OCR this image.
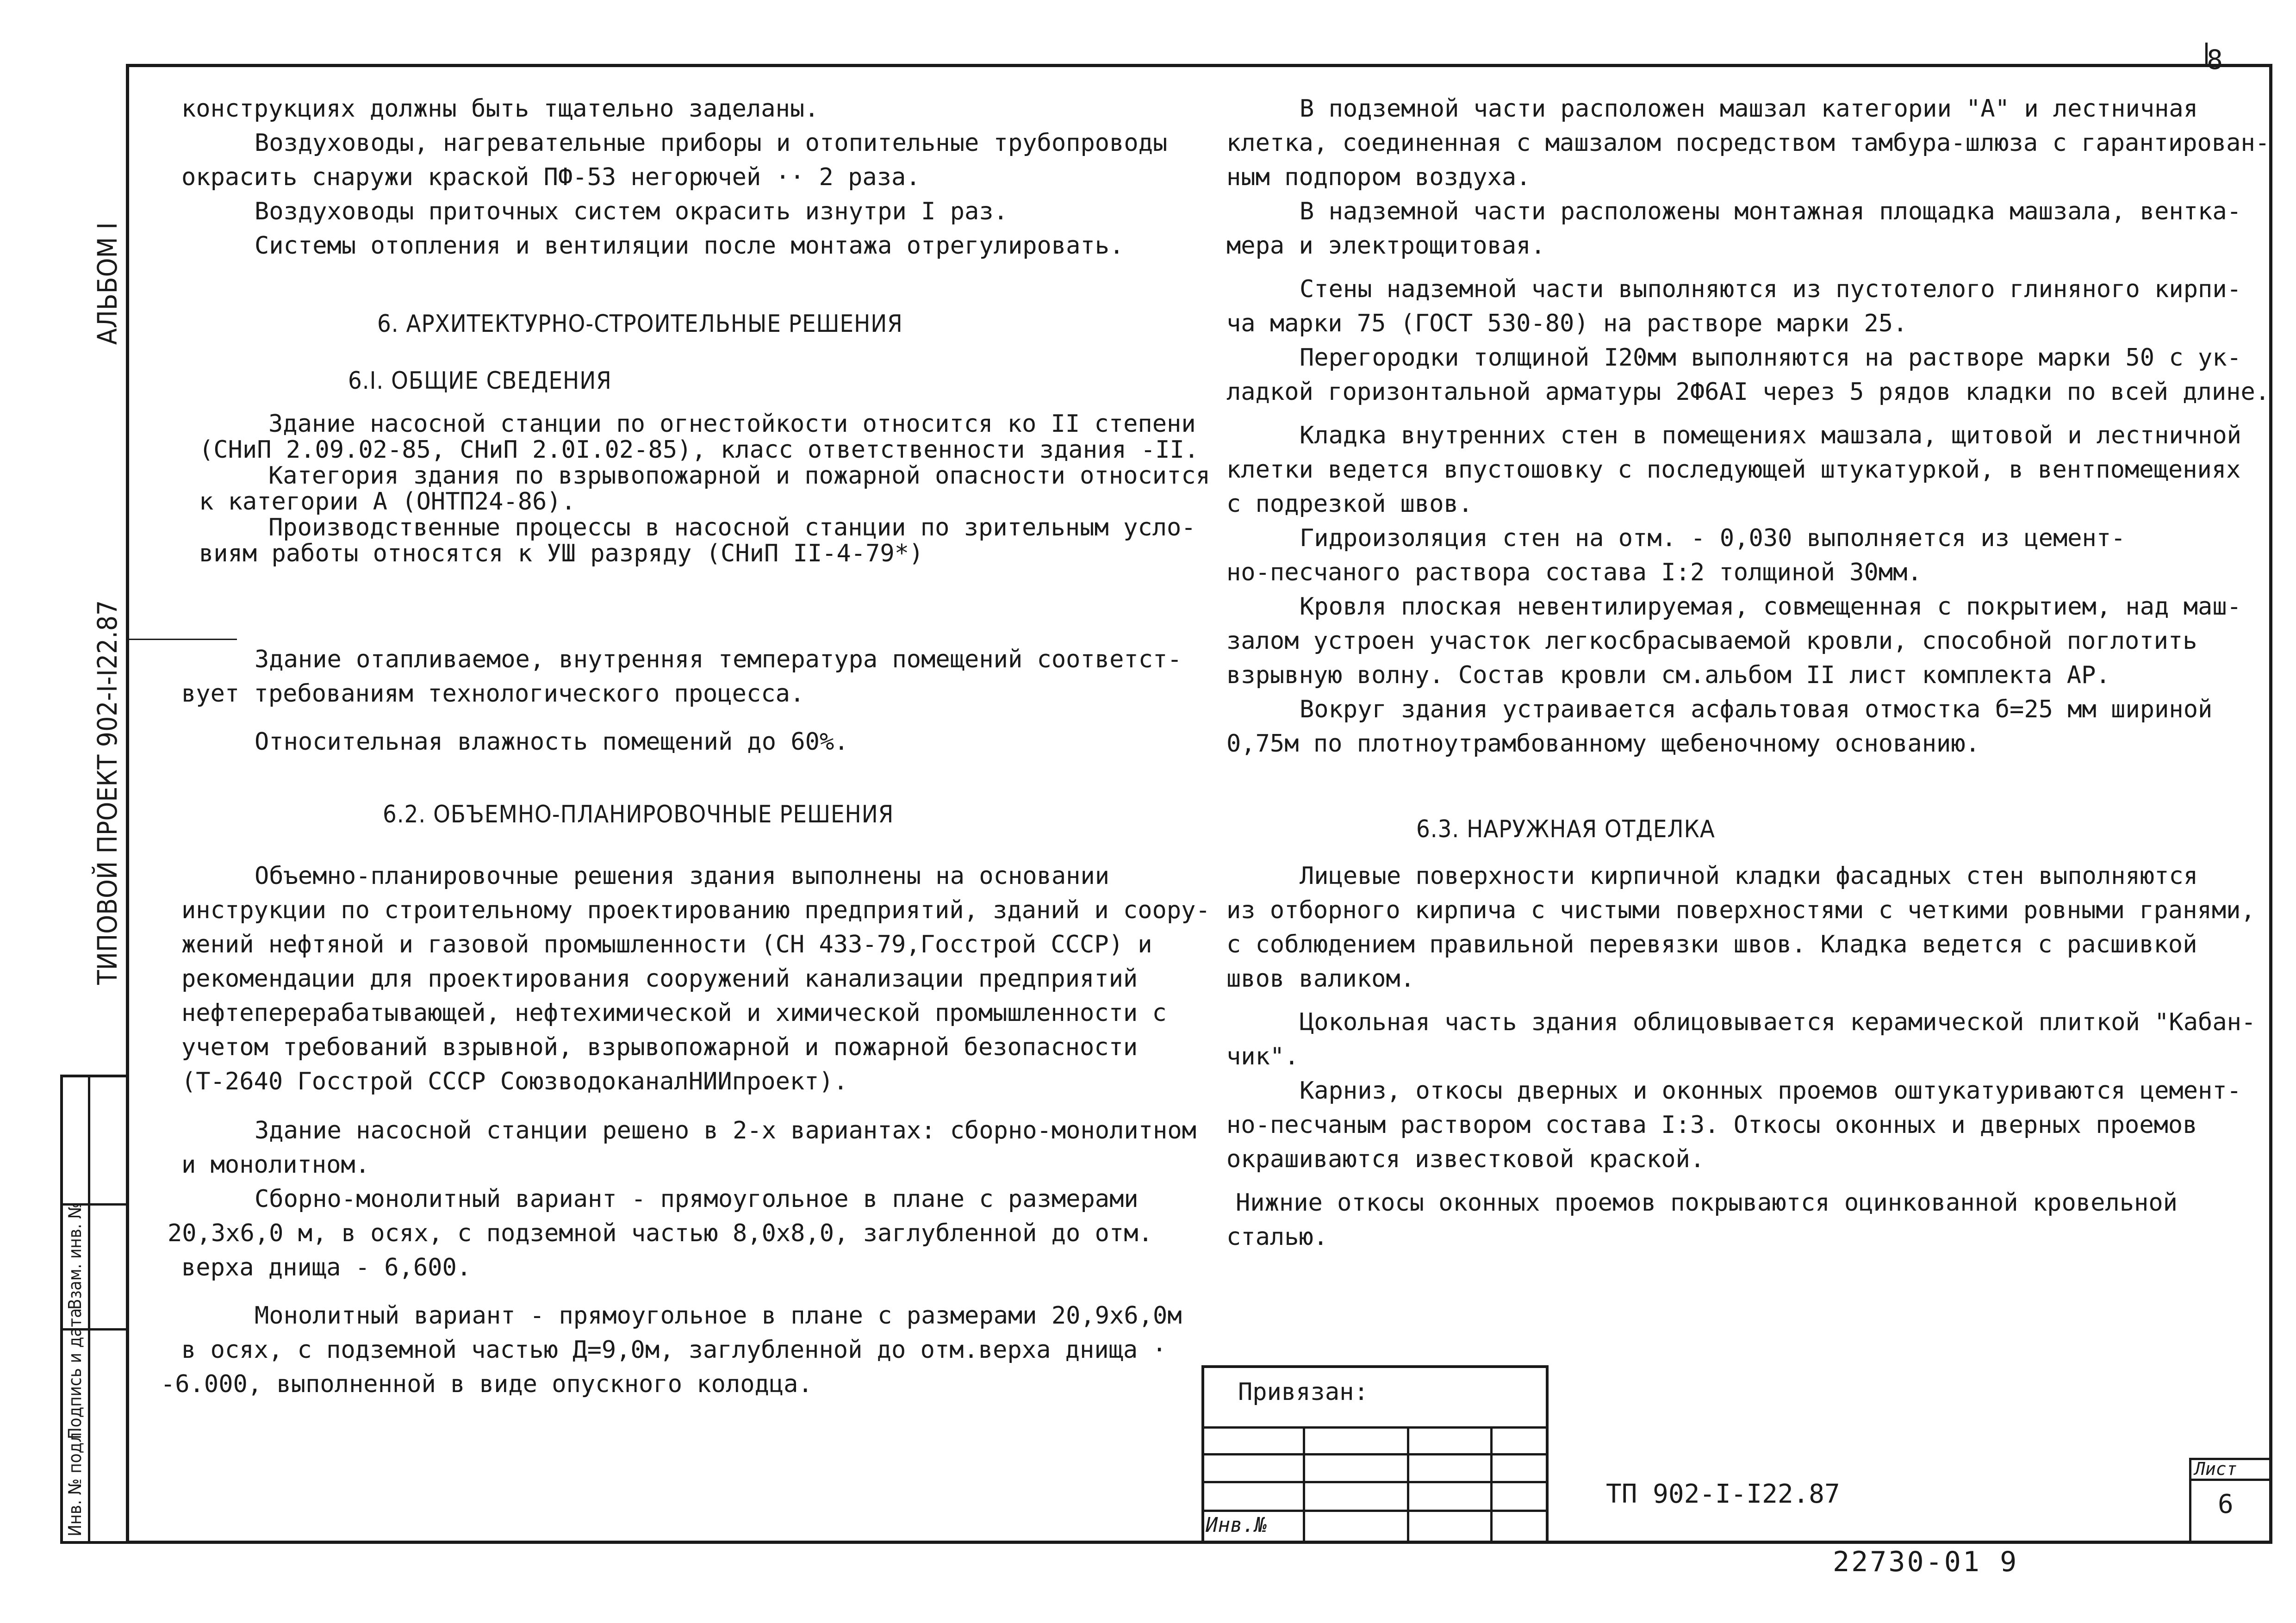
8
АЛЬБОМ I
ТИПОВОЙ ПРОЕКТ 902-I-I22.87
Инв. № подл.
Подпись и дата
Взам. инв. №
конструкциях должны быть тщательно заделаны.
Воздуховоды, нагревательные приборы и отопительные трубопроводы
окрасить снаружи краской ПФ-53 негорючей ·· 2 раза.
Воздуховоды приточных систем окрасить изнутри I раз.
Системы отопления и вентиляции после монтажа отрегулировать.
6. АРХИТЕКТУРНО-СТРОИТЕЛЬНЫЕ РЕШЕНИЯ
6.I. ОБЩИЕ СВЕДЕНИЯ
Здание насосной станции по огнестойкости относится ко II степени
(СНиП 2.09.02-85, СНиП 2.0I.02-85), класс ответственности здания -II.
Категория здания по взрывопожарной и пожарной опасности относится
к категории А (ОНТП24-86).
Производственные процессы в насосной станции по зрительным усло-
виям работы относятся к УШ разряду (СНиП II-4-79*)
Здание отапливаемое, внутренняя температура помещений соответст-
вует требованиям технологического процесса.
Относительная влажность помещений до 60%.
6.2. ОБЪЕМНО-ПЛАНИРОВОЧНЫЕ РЕШЕНИЯ
Объемно-планировочные решения здания выполнены на основании
инструкции по строительному проектированию предприятий, зданий и соору-
жений нефтяной и газовой промышленности (СН 433-79,Госстрой СССР) и
рекомендации для проектирования сооружений канализации предприятий
нефтеперерабатывающей, нефтехимической и химической промышленности с
учетом требований взрывной, взрывопожарной и пожарной безопасности
(Т-2640 Госстрой СССР СоюзводоканалНИИпроект).
Здание насосной станции решено в 2-х вариантах: сборно-монолитном
и монолитном.
Сборно-монолитный вариант - прямоугольное в плане с размерами
20,3х6,0 м, в осях, с подземной частью 8,0х8,0, заглубленной до отм.
верха днища - 6,600.
Монолитный вариант - прямоугольное в плане с размерами 20,9х6,0м
в осях, с подземной частью Д=9,0м, заглубленной до отм.верха днища ·
-6.000, выполненной в виде опускного колодца.
В подземной части расположен машзал категории "А" и лестничная
клетка, соединенная с машзалом посредством тамбура-шлюза с гарантирован-
ным подпором воздуха.
В надземной части расположены монтажная площадка машзала, вентка-
мера и электрощитовая.
Стены надземной части выполняются из пустотелого глиняного кирпи-
ча марки 75 (ГОСТ 530-80) на растворе марки 25.
Перегородки толщиной I20мм выполняются на растворе марки 50 с ук-
ладкой горизонтальной арматуры 2Ф6АI через 5 рядов кладки по всей длине.
Кладка внутренних стен в помещениях машзала, щитовой и лестничной
клетки ведется впустошовку с последующей штукатуркой, в вентпомещениях
с подрезкой швов.
Гидроизоляция стен на отм. - 0,030 выполняется из цемент-
но-песчаного раствора состава I:2 толщиной 30мм.
Кровля плоская невентилируемая, совмещенная с покрытием, над маш-
залом устроен участок легкосбрасываемой кровли, способной поглотить
взрывную волну. Состав кровли см.альбом II лист комплекта АР.
Вокруг здания устраивается асфальтовая отмостка б=25 мм шириной
0,75м по плотноутрамбованному щебеночному основанию.
6.3. НАРУЖНАЯ ОТДЕЛКА
Лицевые поверхности кирпичной кладки фасадных стен выполняются
из отборного кирпича с чистыми поверхностями с четкими ровными гранями,
с соблюдением правильной перевязки швов. Кладка ведется с расшивкой
швов валиком.
Цокольная часть здания облицовывается керамической плиткой "Кабан-
чик".
Карниз, откосы дверных и оконных проемов оштукатуриваются цемент-
но-песчаным раствором состава I:3. Откосы оконных и дверных проемов
окрашиваются известковой краской.
Нижние откосы оконных проемов покрываются оцинкованной кровельной
сталью.
Привязан:
Инв.№
ТП 902-I-I22.87
Лист
6
22730-01 9
